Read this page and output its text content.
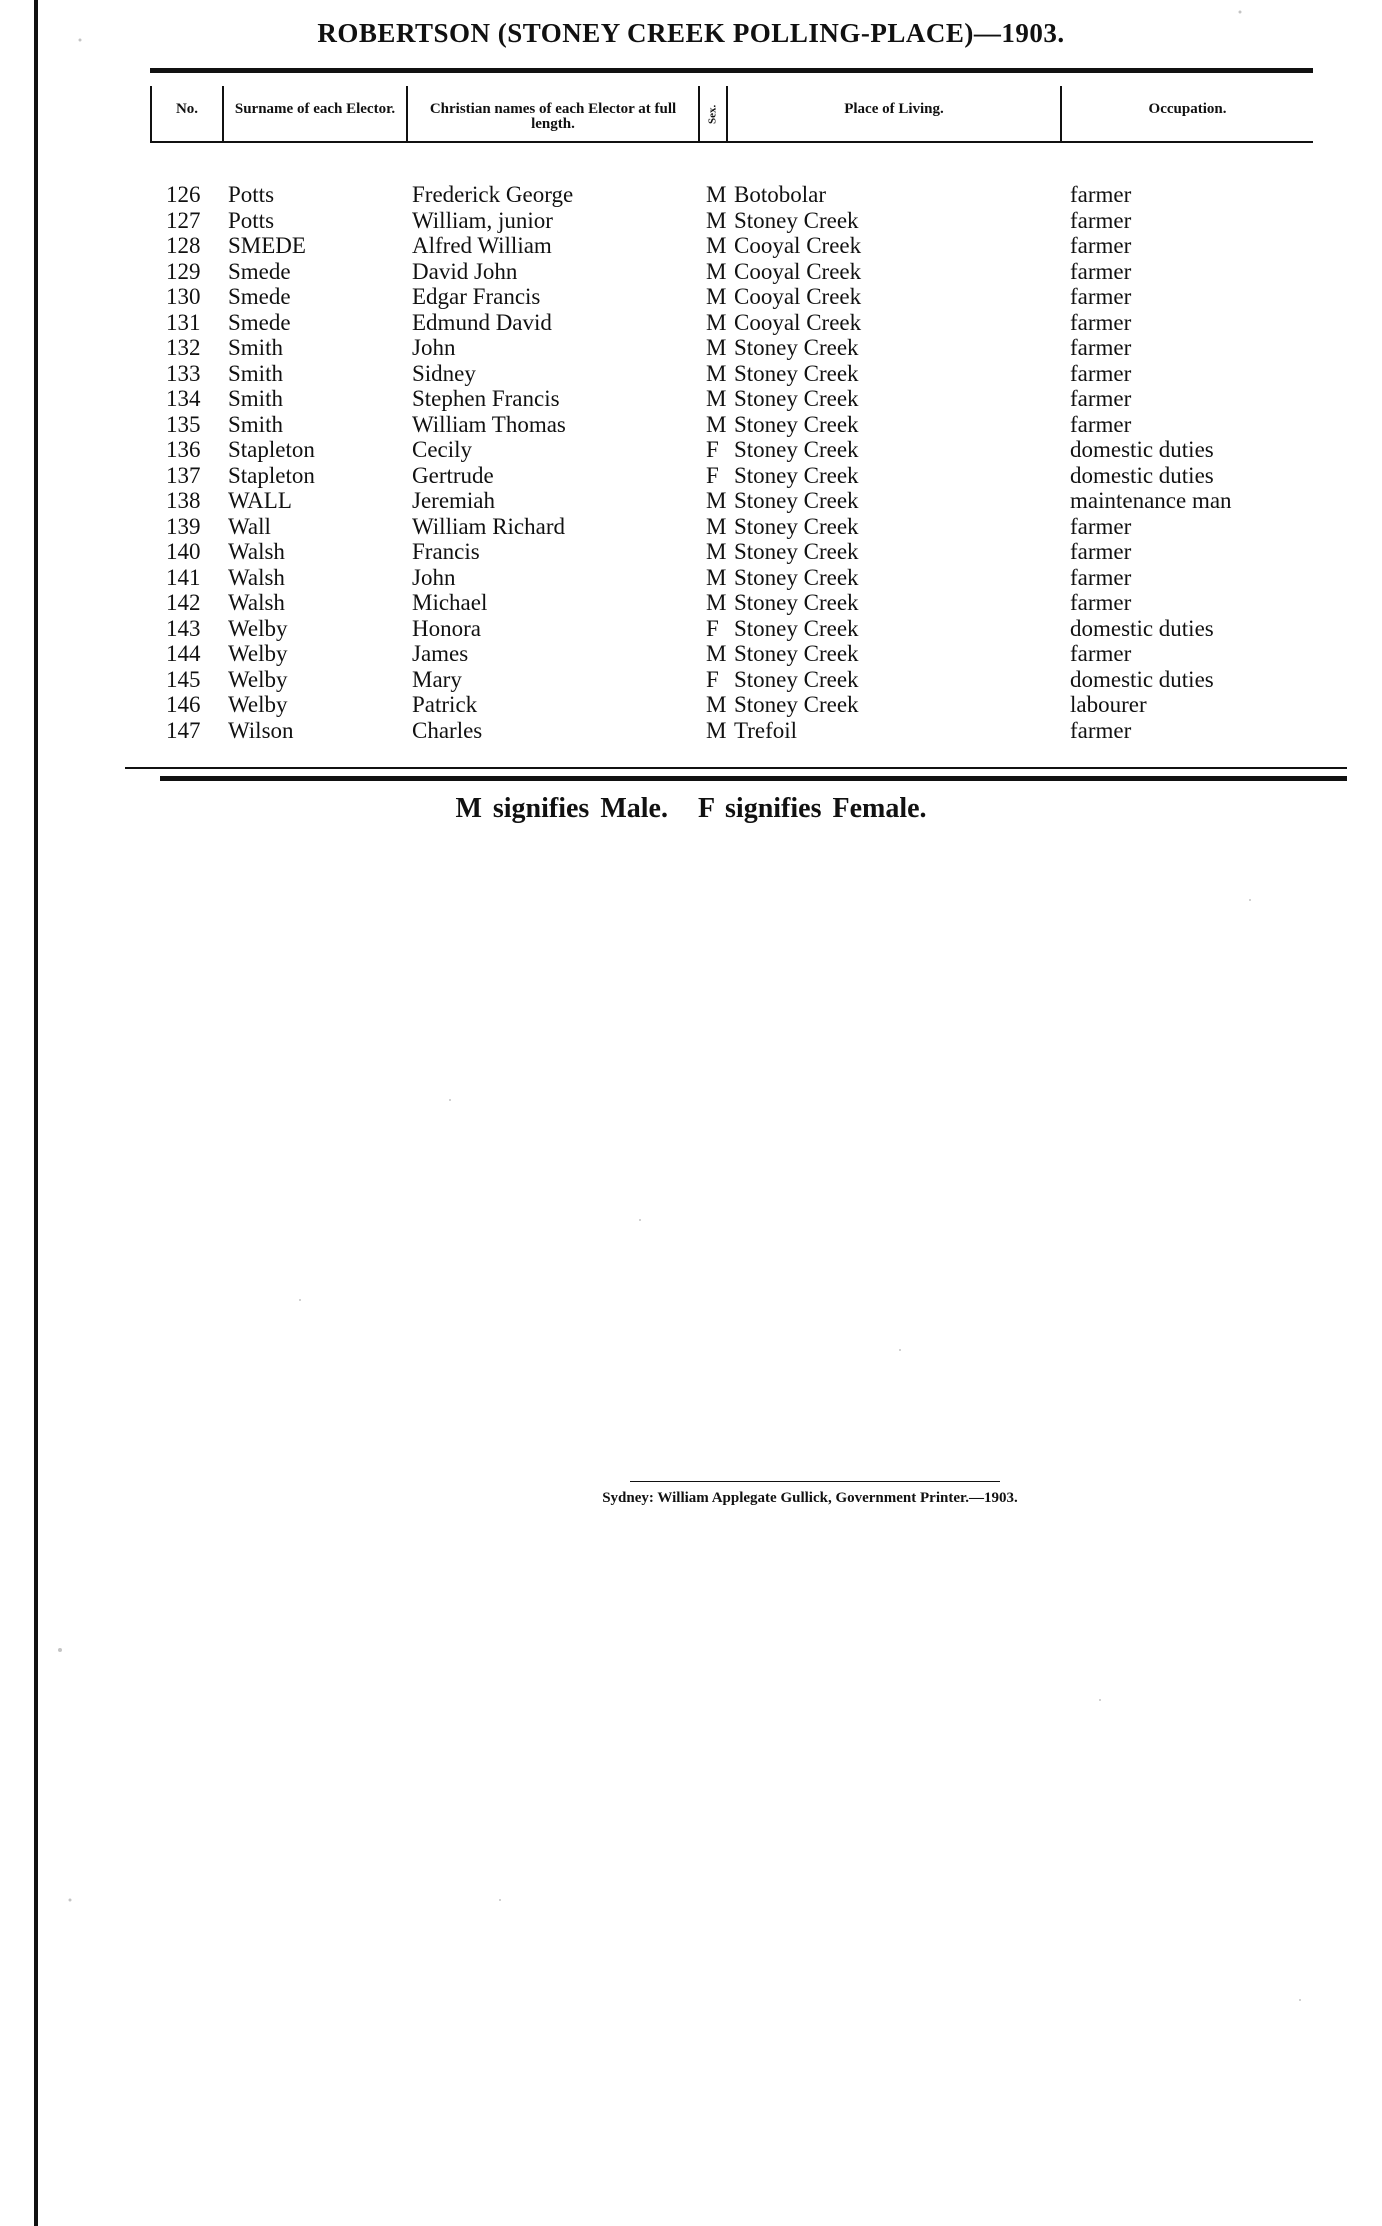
ROBERTSON (STONEY CREEK POLLING-PLACE)—1903.
No.	Surname of each Elector.	Christian names of each Elector at full length.
Sex.	Place of Living.	Occupation.
126 Potts	Frederick George	M Botobolar	farmer
127 Potts	William, junior	M Stoney Creek	farmer
128 SMEDE	Alfred William	M Cooyal Creek	farmer
129 Smede	David John	M Cooyal Creek	farmer
130 Smede	Edgar Francis	M Cooyal Creek	farmer
131 Smede	Edmund David	M Cooyal Creek	farmer
132 Smith	John	M Stoney Creek	farmer
133 Smith	Sidney	M Stoney Creek	farmer
134 Smith	Stephen Francis	M Stoney Creek	farmer
135 Smith	William Thomas	M Stoney Creek	farmer
136 Stapleton	Cecily	F Stoney Creek	domestic duties
137 Stapleton	Gertrude	F Stoney Creek	domestic duties
138 WALL	Jeremiah	M Stoney Creek	maintenance man
139 Wall	William Richard	M Stoney Creek	farmer
140 Walsh	Francis	M Stoney Creek	farmer
141 Walsh	John	M Stoney Creek	farmer
142 Walsh	Michael	M Stoney Creek	farmer
143 Welby	Honora	F Stoney Creek	domestic duties
144 Welby	James	M Stoney Creek	farmer
145 Welby	Mary	F Stoney Creek	domestic duties
146 Welby	Patrick	M Stoney Creek	labourer
147 Wilson	Charles	M Trefoil	farmer
M signifies Male. F signifies Female.
Sydney: William Applegate Gullick, Government Printer.—1903.
